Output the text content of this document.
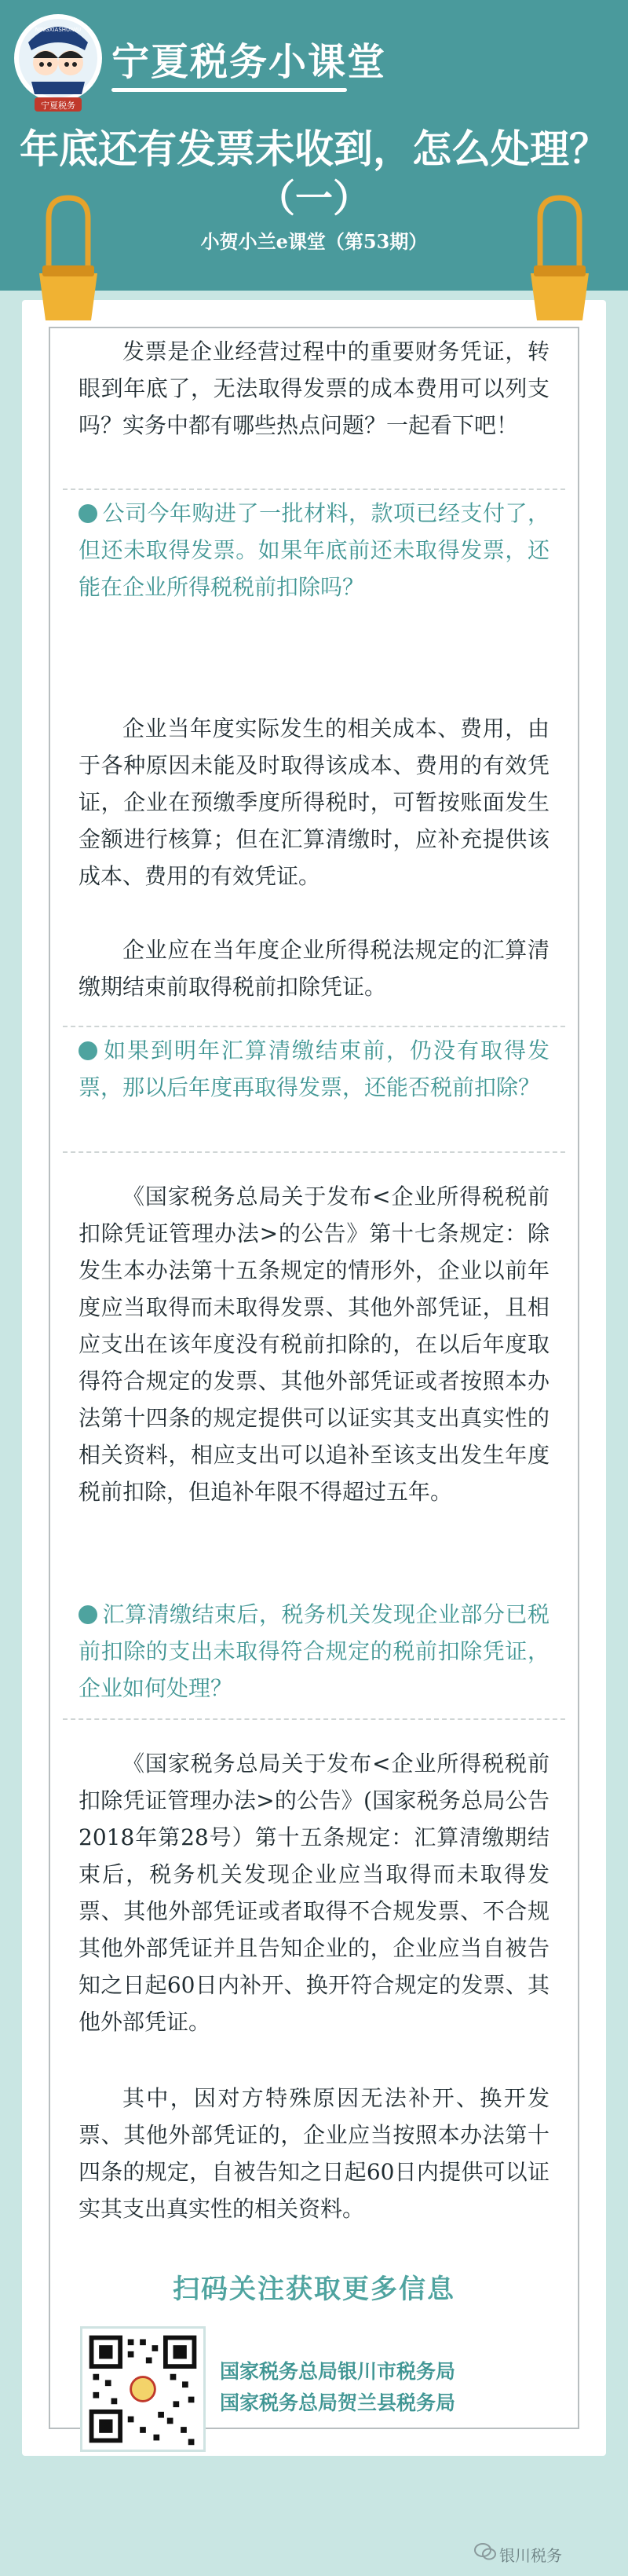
NINGXIASHUIWU
宁夏税务
宁夏税务小课堂
年底还有发票未收到，怎么处理？
（一）
小贺小兰e课堂（第53期）

发票是企业经营过程中的重要财务凭证，转眼到年底了，无法取得发票的成本费用可以列支吗？实务中都有哪些热点问题？一起看下吧！

公司今年购进了一批材料，款项已经支付了，但还未取得发票。如果年底前还未取得发票，还能在企业所得税税前扣除吗？

企业当年度实际发生的相关成本、费用，由于各种原因未能及时取得该成本、费用的有效凭证，企业在预缴季度所得税时，可暂按账面发生金额进行核算；但在汇算清缴时，应补充提供该成本、费用的有效凭证。

企业应在当年度企业所得税法规定的汇算清缴期结束前取得税前扣除凭证。

如果到明年汇算清缴结束前，仍没有取得发票，那以后年度再取得发票，还能否税前扣除？

《国家税务总局关于发布<企业所得税税前扣除凭证管理办法>的公告》第十七条规定：除发生本办法第十五条规定的情形外，企业以前年度应当取得而未取得发票、其他外部凭证，且相应支出在该年度没有税前扣除的，在以后年度取得符合规定的发票、其他外部凭证或者按照本办法第十四条的规定提供可以证实其支出真实性的相关资料，相应支出可以追补至该支出发生年度税前扣除，但追补年限不得超过五年。

汇算清缴结束后，税务机关发现企业部分已税前扣除的支出未取得符合规定的税前扣除凭证，企业如何处理？

《国家税务总局关于发布<企业所得税税前扣除凭证管理办法>的公告》(国家税务总局公告2018年第28号）第十五条规定：汇算清缴期结束后，税务机关发现企业应当取得而未取得发票、其他外部凭证或者取得不合规发票、不合规其他外部凭证并且告知企业的，企业应当自被告知之日起60日内补开、换开符合规定的发票、其他外部凭证。

其中，因对方特殊原因无法补开、换开发票、其他外部凭证的，企业应当按照本办法第十四条的规定，自被告知之日起60日内提供可以证实其支出真实性的相关资料。

扫码关注获取更多信息
国家税务总局银川市税务局
国家税务总局贺兰县税务局
银川税务
